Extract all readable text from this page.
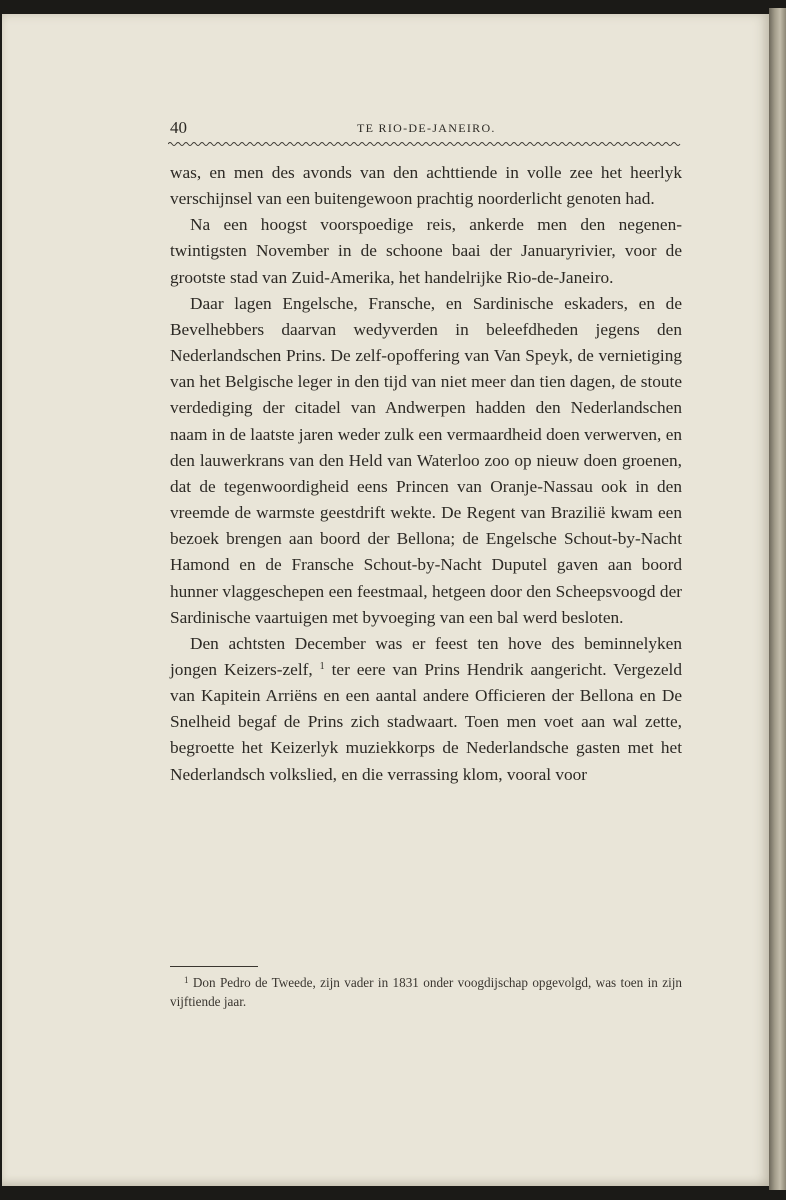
40	TE RIO-DE-JANEIRO.

was, en men des avonds van den achttiende in volle zee het heerlyk verschijnsel van een buitengewoon prachtig noorderlicht genoten had.

Na een hoogst voorspoedige reis, ankerde men den negenen-twintigsten November in de schoone baai der Januaryrivier, voor de grootste stad van Zuid-Amerika, het handelrijke Rio-de-Janeiro.

Daar lagen Engelsche, Fransche, en Sardinische eskaders, en de Bevelhebbers daarvan wedyverden in beleefdheden jegens den Nederlandschen Prins. De zelf-opoffering van Van Speyk, de vernietiging van het Belgische leger in den tijd van niet meer dan tien dagen, de stoute verdediging der citadel van Andwerpen hadden den Nederlandschen naam in de laatste jaren weder zulk een vermaardheid doen verwerven, en den lauwerkrans van den Held van Waterloo zoo op nieuw doen groenen, dat de tegenwoordigheid eens Princen van Oranje-Nassau ook in den vreemde de warmste geestdrift wekte. De Regent van Brazilië kwam een bezoek brengen aan boord der Bellona; de Engelsche Schout-by-Nacht Hamond en de Fransche Schout-by-Nacht Duputel gaven aan boord hunner vlaggeschepen een feestmaal, hetgeen door den Scheepsvoogd der Sardinische vaartuigen met byvoeging van een bal werd besloten.

Den achtsten December was er feest ten hove des beminnelyken jongen Keizers-zelf, $^1$ ter eere van Prins Hendrik aangericht. Vergezeld van Kapitein Arriëns en een aantal andere Officieren der Bellona en De Snelheid begaf de Prins zich stadwaart. Toen men voet aan wal zette, begroette het Keizerlyk muziekkorps de Nederlandsche gasten met het Nederlandsch volkslied, en die verrassing klom, vooral voor

$^1$ Don Pedro de Tweede, zijn vader in 1831 onder voogdijschap opgevolgd, was toen in zijn vijftiende jaar.
